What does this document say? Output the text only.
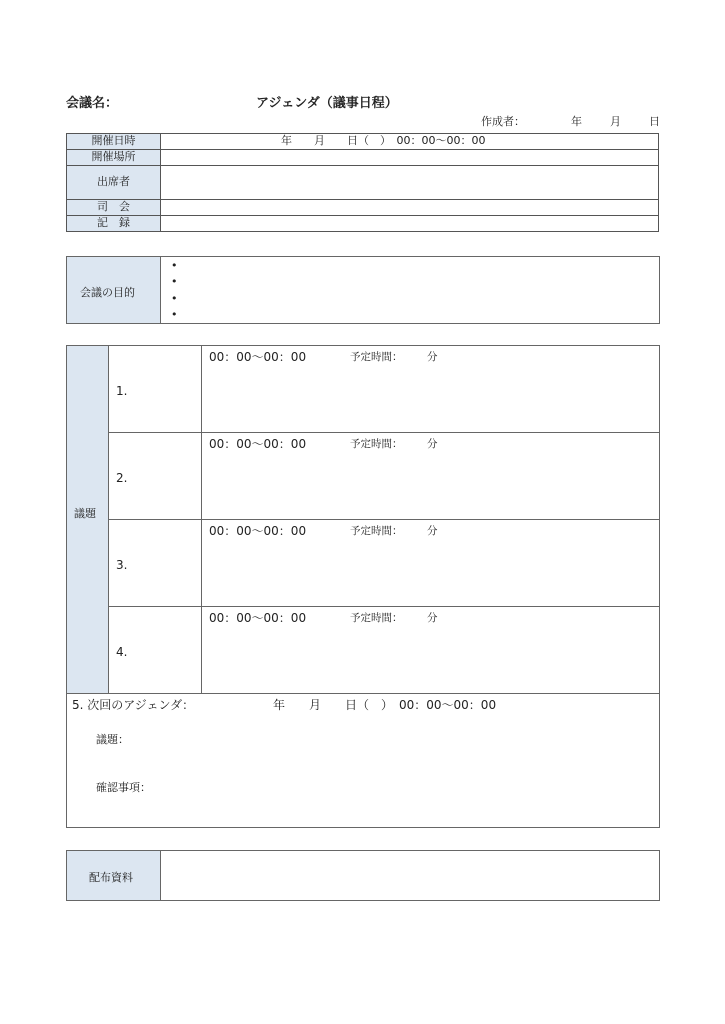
会議名：	アジェンダ（議事日程）
作成者：	年	月	日
開催日時	年　　月　　日（　）　00：00〜00：00
開催場所	
出席者	
司　会	
記　録	
会議の目的
•
•
•
•
議題
1.
00：00〜00：00	予定時間： 分
2.
00：00〜00：00	予定時間： 分
3.
00：00〜00：00	予定時間： 分
4.
00：00〜00：00	予定時間： 分
5. 次回のアジェンダ：	年　　月　　日（　）　00：00〜00：00
議題：
確認事項：
配布資料
